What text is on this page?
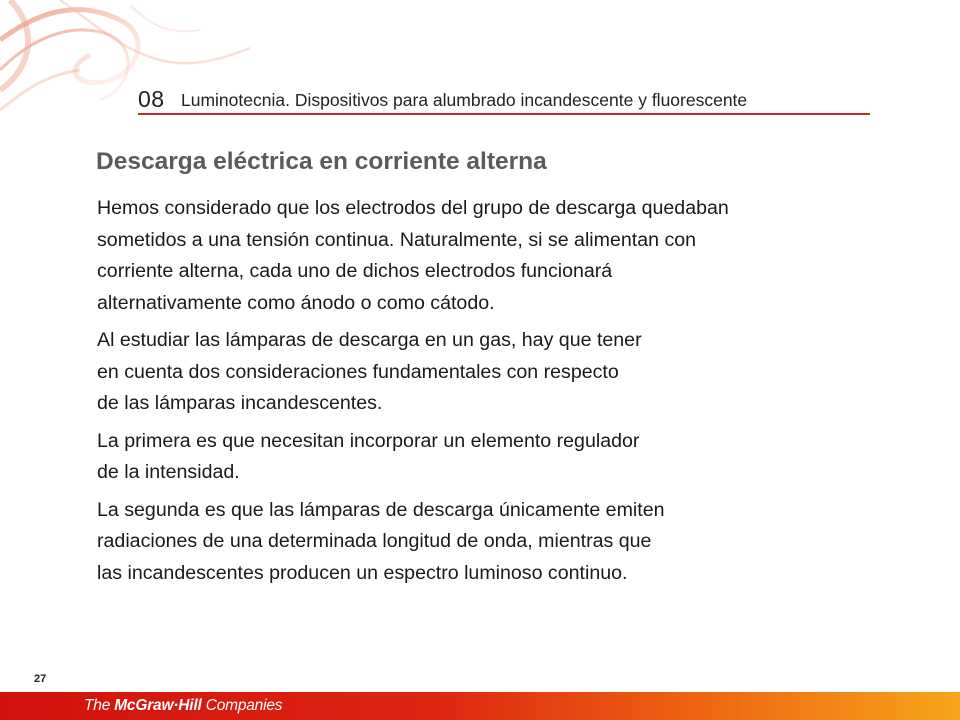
08 Luminotecnia. Dispositivos para alumbrado incandescente y fluorescente
Descarga eléctrica en corriente alterna

Hemos considerado que los electrodos del grupo de descarga quedaban
sometidos a una tensión continua. Naturalmente, si se alimentan con
corriente alterna, cada uno de dichos electrodos funcionará
alternativamente como ánodo o como cátodo.

Al estudiar las lámparas de descarga en un gas, hay que tener
en cuenta dos consideraciones fundamentales con respecto
de las lámparas incandescentes.

La primera es que necesitan incorporar un elemento regulador
de la intensidad.

La segunda es que las lámparas de descarga únicamente emiten
radiaciones de una determinada longitud de onda, mientras que
las incandescentes producen un espectro luminoso continuo.

27
The McGraw·Hill Companies
